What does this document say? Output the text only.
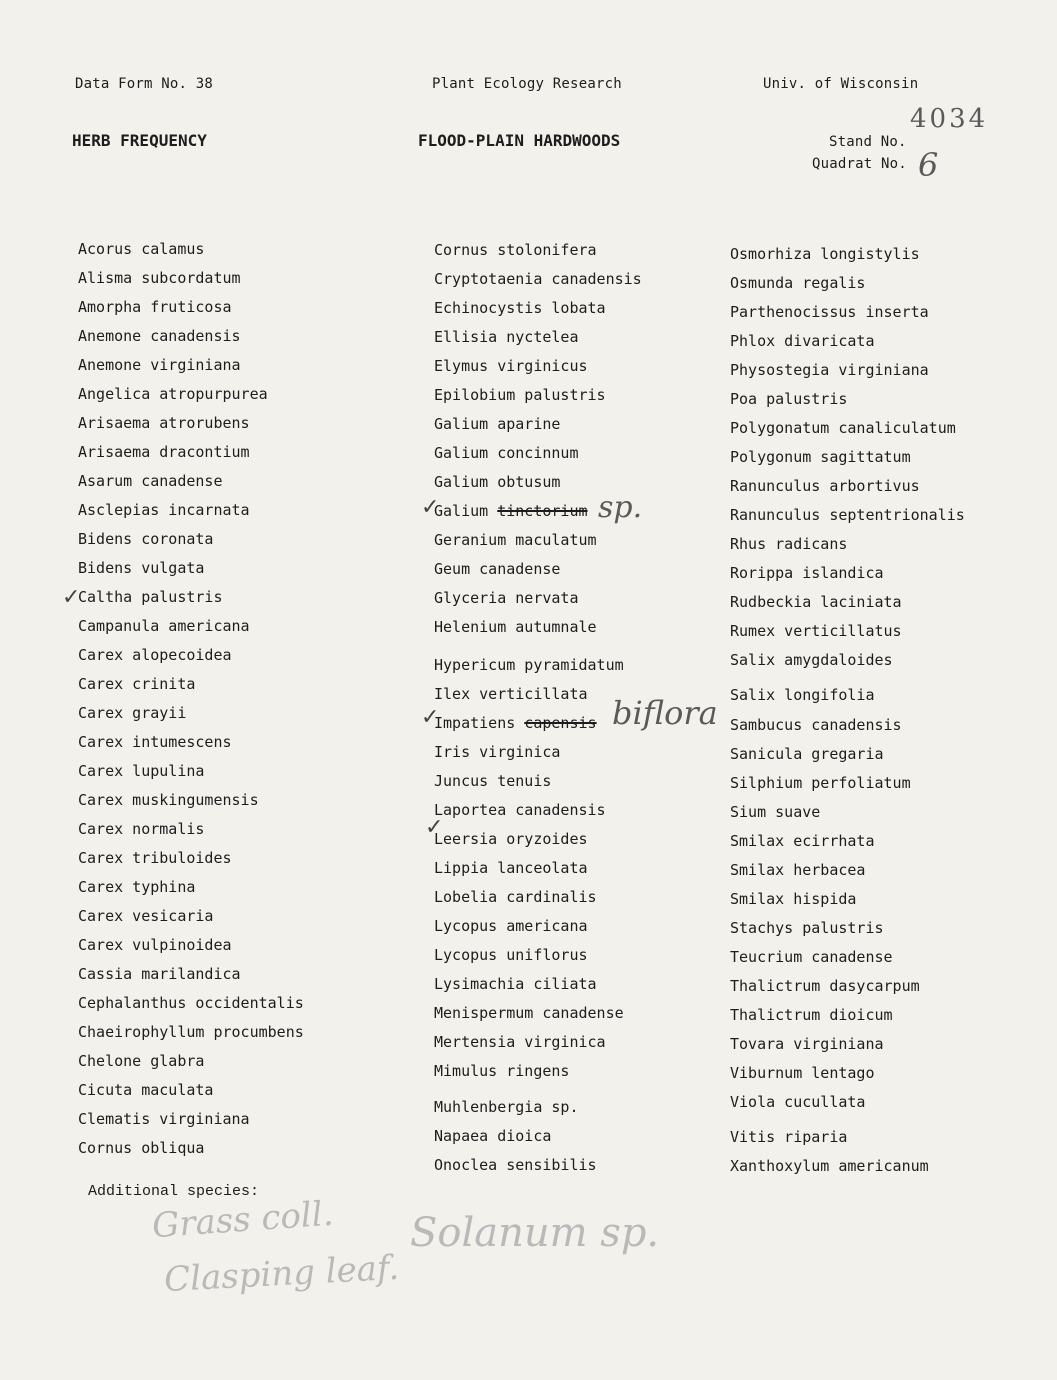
Data Form No. 38	Plant Ecology Research	Univ. of Wisconsin
HERB FREQUENCY	FLOOD-PLAIN HARDWOODS	Stand No.
4034
Quadrat No. 6
Acorus calamus
Alisma subcordatum
Amorpha fruticosa
Anemone canadensis
Anemone virginiana
Angelica atropurpurea
Arisaema atrorubens
Arisaema dracontium
Asarum canadense
Asclepias incarnata
Bidens coronata
Bidens vulgata
Caltha palustris
Campanula americana
Carex alopecoidea
Carex crinita
Carex grayii
Carex intumescens
Carex lupulina
Carex muskingumensis
Carex normalis
Carex tribuloides
Carex typhina
Carex vesicaria
Carex vulpinoidea
Cassia marilandica
Cephalanthus occidentalis
Chaeirophyllum procumbens
Chelone glabra
Cicuta maculata
Clematis virginiana
Cornus obliqua
Cornus stolonifera
Cryptotaenia canadensis
Echinocystis lobata
Ellisia nyctelea
Elymus virginicus
Epilobium palustris
Galium aparine
Galium concinnum
Galium obtusum
Galium tinctorium
Geranium maculatum
Geum canadense
Glyceria nervata
Helenium autumnale
Hypericum pyramidatum
Ilex verticillata
Impatiens capensis
Iris virginica
Juncus tenuis
Laportea canadensis
Leersia oryzoides
Lippia lanceolata
Lobelia cardinalis
Lycopus americana
Lycopus uniflorus
Lysimachia ciliata
Menispermum canadense
Mertensia virginica
Mimulus ringens
Muhlenbergia sp.
Napaea dioica
Onoclea sensibilis
Osmorhiza longistylis
Osmunda regalis
Parthenocissus inserta
Phlox divaricata
Physostegia virginiana
Poa palustris
Polygonatum canaliculatum
Polygonum sagittatum
Ranunculus arbortivus
Ranunculus septentrionalis
Rhus radicans
Rorippa islandica
Rudbeckia laciniata
Rumex verticillatus
Salix amygdaloides
Salix longifolia
Sambucus canadensis
Sanicula gregaria
Silphium perfoliatum
Sium suave
Smilax ecirrhata
Smilax herbacea
Smilax hispida
Stachys palustris
Teucrium canadense
Thalictrum dasycarpum
Thalictrum dioicum
Tovara virginiana
Viburnum lentago
Viola cucullata
Vitis riparia
Xanthoxylum americanum
✓
✓
✓
✓
sp.
biflora
Additional species:
Grass coll.
Clasping leaf.
Solanum sp.
